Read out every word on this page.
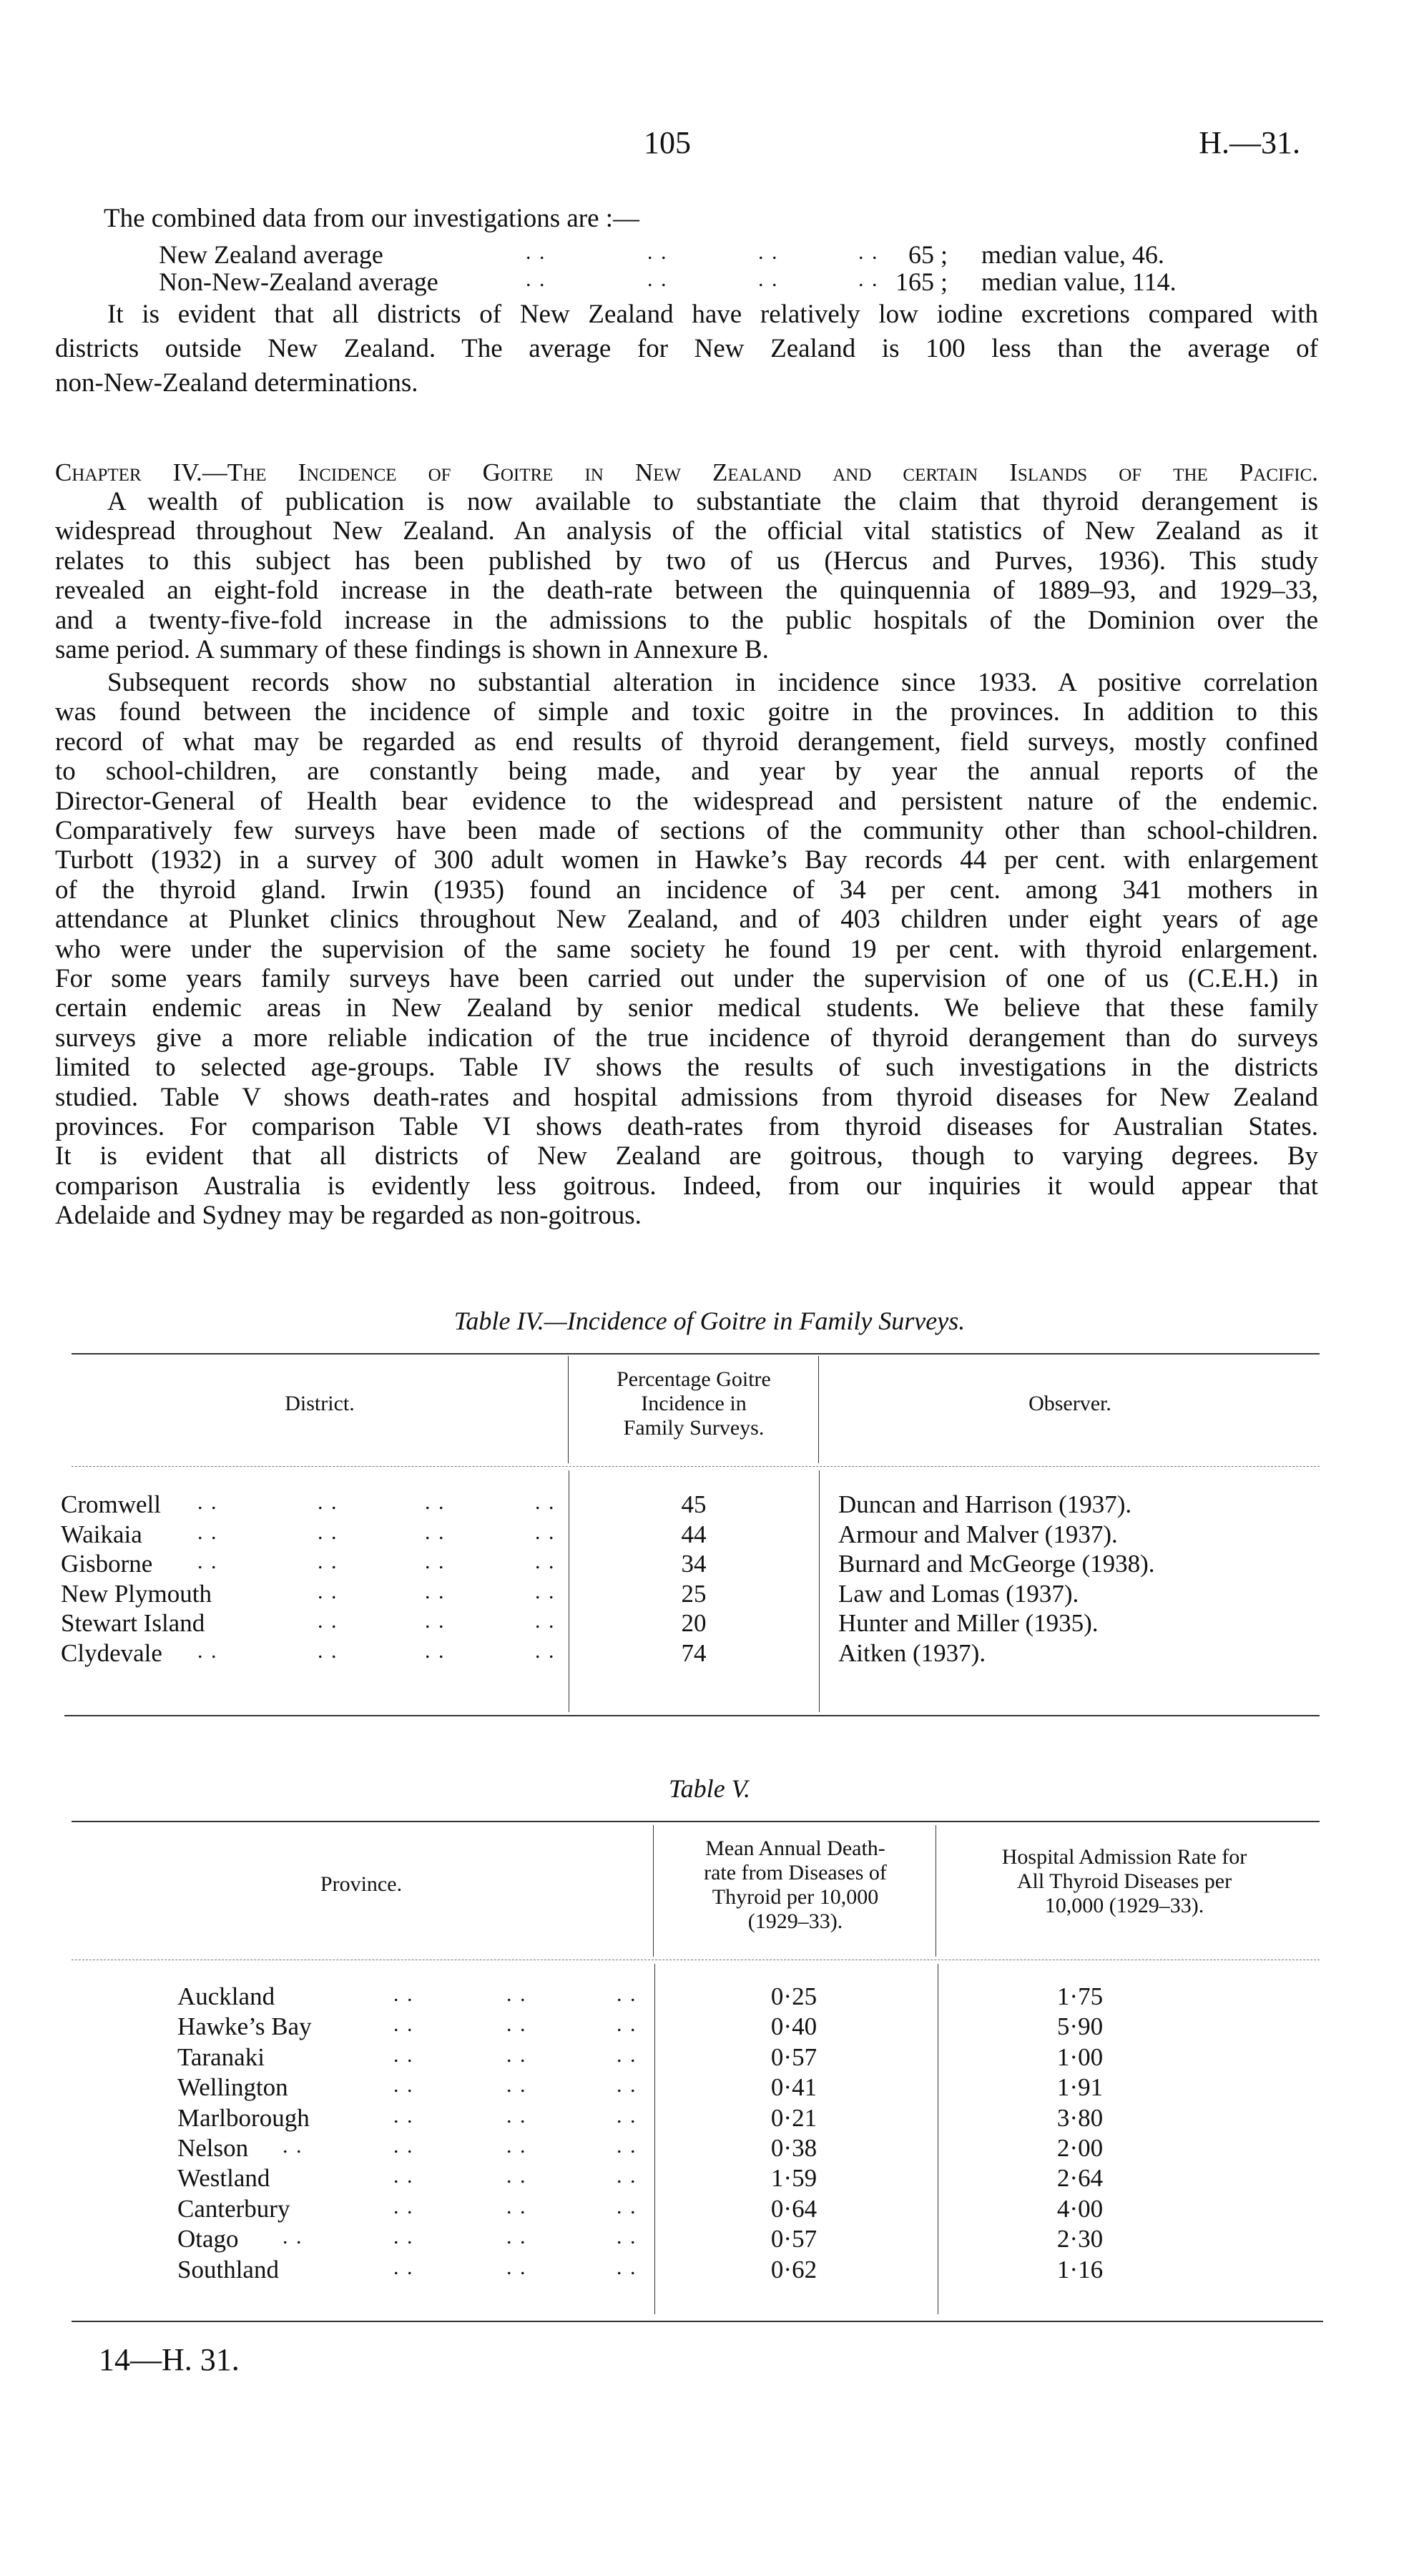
105	H.—31.
The combined data from our investigations are :—
New Zealand average	. .	. .	. .	. .	65 ; median value, 46.
Non-New-Zealand average	. .	. .	. .	. . 165 ; median value, 114.
It is evident that all districts of New Zealand have relatively low iodine excretions compared with
districts outside New Zealand. The average for New Zealand is 100 less than the average of
non-New-Zealand determinations.
Chapter IV.—The Incidence of Goitre in New Zealand and certain Islands of the Pacific.
A wealth of publication is now available to substantiate the claim that thyroid derangement is
widespread throughout New Zealand. An analysis of the official vital statistics of New Zealand as it
relates to this subject has been published by two of us (Hercus and Purves, 1936). This study
revealed an eight-fold increase in the death-rate between the quinquennia of 1889–93, and 1929–33,
and a twenty-five-fold increase in the admissions to the public hospitals of the Dominion over the
same period. A summary of these findings is shown in Annexure B.
Subsequent records show no substantial alteration in incidence since 1933. A positive correlation
was found between the incidence of simple and toxic goitre in the provinces. In addition to this
record of what may be regarded as end results of thyroid derangement, field surveys, mostly confined
to school-children, are constantly being made, and year by year the annual reports of the
Director-General of Health bear evidence to the widespread and persistent nature of the endemic.
Comparatively few surveys have been made of sections of the community other than school-children.
Turbott (1932) in a survey of 300 adult women in Hawke’s Bay records 44 per cent. with enlargement
of the thyroid gland. Irwin (1935) found an incidence of 34 per cent. among 341 mothers in
attendance at Plunket clinics throughout New Zealand, and of 403 children under eight years of age
who were under the supervision of the same society he found 19 per cent. with thyroid enlargement.
For some years family surveys have been carried out under the supervision of one of us (C.E.H.) in
certain endemic areas in New Zealand by senior medical students. We believe that these family
surveys give a more reliable indication of the true incidence of thyroid derangement than do surveys
limited to selected age-groups. Table IV shows the results of such investigations in the districts
studied. Table V shows death-rates and hospital admissions from thyroid diseases for New Zealand
provinces. For comparison Table VI shows death-rates from thyroid diseases for Australian States.
It is evident that all districts of New Zealand are goitrous, though to varying degrees. By
comparison Australia is evidently less goitrous. Indeed, from our inquiries it would appear that
Adelaide and Sydney may be regarded as non-goitrous.
Table IV.—Incidence of Goitre in Family Surveys.
District.
Percentage Goitre
Incidence in
Family Surveys.
Observer.
Cromwell . .	. .	. .	. .	45	Duncan and Harrison (1937).
Waikaia	. .	. .	. .	. .	44	Armour and Malver (1937).
Gisborne . .	. .	. .	. .	34	Burnard and McGeorge (1938).
New Plymouth	. .	. .	. .	25	Law and Lomas (1937).
Stewart Island	. .	. .	. .	20	Hunter and Miller (1935).
Clydevale . .	. .	. .	. .	74	Aitken (1937).
Table V.
Province.
Mean Annual Death-
rate from Diseases of
Thyroid per 10,000
(1929–33).
Hospital Admission Rate for
All Thyroid Diseases per
10,000 (1929–33).
Auckland	. .	. .	. .	0·25	1·75
Hawke’s Bay	. .	. .	. .	0·40	5·90
Taranaki	. .	. .	. .	0·57	1·00
Wellington	. .	. .	. .	0·41	1·91
Marlborough	. .	. .	. .	0·21	3·80
Nelson . .	. .	. .	. .	0·38	2·00
Westland	. .	. .	. .	1·59	2·64
Canterbury	. .	. .	. .	0·64	4·00
Otago . .	. .	. .	. .	0·57	2·30
Southland	. .	. .	. .	0·62	1·16
14—H. 31.
